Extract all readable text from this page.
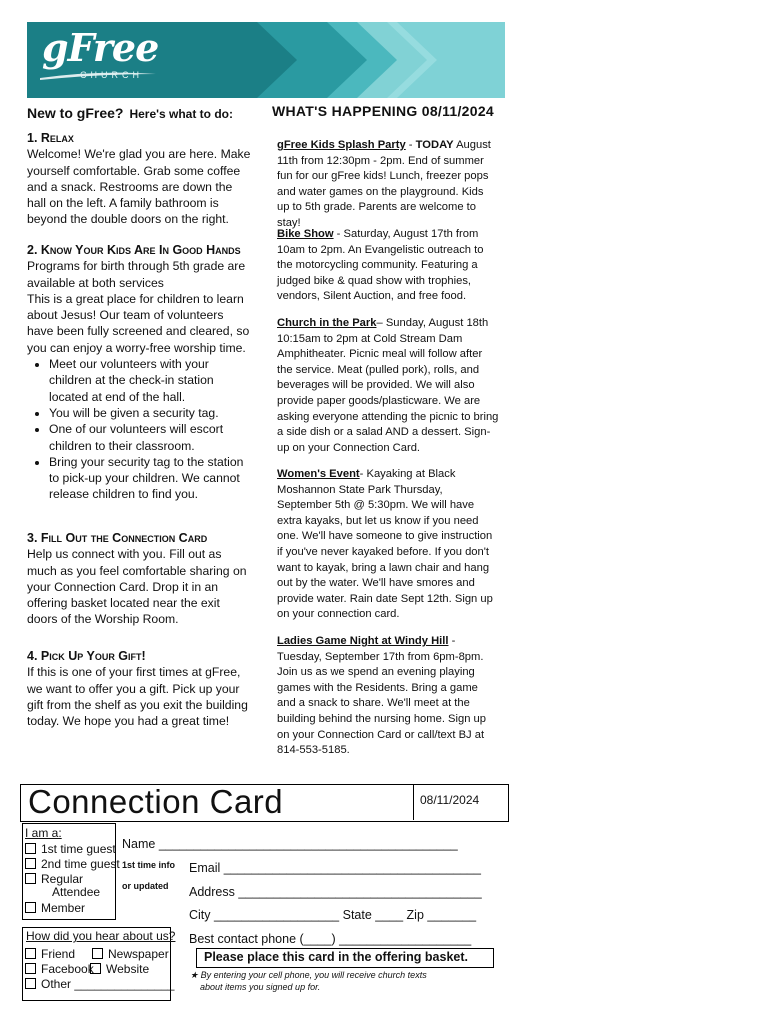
gFree
CHURCH
New to gFree? Here's what to do:
1. Relax

Welcome! We're glad you are here. Make yourself comfortable. Grab some coffee and a snack. Restrooms are down the hall on the left. A family bathroom is beyond the double doors on the right.

2. Know Your Kids Are In Good Hands

Programs for birth through 5th grade are available at both services

This is a great place for children to learn about Jesus! Our team of volunteers have been fully screened and cleared, so you can enjoy a worry-free worship time.

• Meet our volunteers with your children at the check-in station located at end of the hall.
• You will be given a security tag.
• One of our volunteers will escort children to their classroom.
• Bring your security tag to the station to pick-up your children. We cannot release children to find you.
3. Fill Out the Connection Card

Help us connect with you. Fill out as much as you feel comfortable sharing on your Connection Card. Drop it in an offering basket located near the exit doors of the Worship Room.

4. Pick Up Your Gift!

If this is one of your first times at gFree, we want to offer you a gift. Pick up your gift from the shelf as you exit the building today. We hope you had a great time!

WHAT'S HAPPENING 08/11/2024
gFree Kids Splash Party - TODAY August 11th from 12:30pm - 2pm. End of summer fun for our gFree kids! Lunch, freezer pops and water games on the playground. Kids up to 5th grade. Parents are welcome to stay!
Bike Show - Saturday, August 17th from 10am to 2pm. An Evangelistic outreach to the motorcycling community. Featuring a judged bike & quad show with trophies, vendors, Silent Auction, and free food.
Church in the Park– Sunday, August 18th 10:15am to 2pm at Cold Stream Dam Amphitheater. Picnic meal will follow after the service. Meat (pulled pork), rolls, and beverages will be provided. We will also provide paper goods/plasticware. We are asking everyone attending the picnic to bring a side dish or a salad AND a dessert. Sign-up on your Connection Card.
Women's Event- Kayaking at Black Moshannon State Park Thursday, September 5th @ 5:30pm. We will have extra kayaks, but let us know if you need one. We'll have someone to give instruction if you've never kayaked before. If you don't want to kayak, bring a lawn chair and hang out by the water. We'll have smores and provide water. Rain date Sept 12th. Sign up on your connection card.
Ladies Game Night at Windy Hill - Tuesday, September 17th from 6pm-8pm. Join us as we spend an evening playing games with the Residents. Bring a game and a snack to share. We'll meet at the building behind the nursing home. Sign up on your Connection Card or call/text BJ at 814-553-5185.
Connection Card	08/11/2024
I am a:
1st time guest
2nd time guest
Regular
Attendee
Member
1st time info
or updated
Name ___________________________________________
Email _____________________________________
Address ___________________________________
City __________________ State ____ Zip _______
Best contact phone (____) ___________________
How did you hear about us?
Friend	Newspaper
Facebook	Website
Other _______________
Please place this card in the offering basket.
★ By entering your cell phone, you will receive church texts
about items you signed up for.
